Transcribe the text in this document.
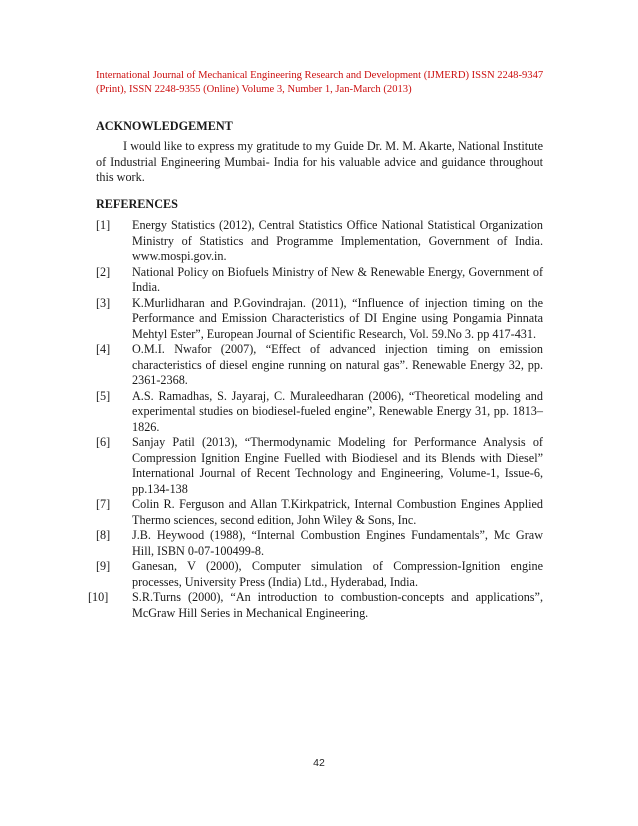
International Journal of Mechanical Engineering Research and Development (IJMERD) ISSN 2248-9347 (Print), ISSN 2248-9355 (Online) Volume 3, Number 1, Jan-March (2013)
ACKNOWLEDGEMENT
I would like to express my gratitude to my Guide Dr. M. M. Akarte, National Institute of Industrial Engineering Mumbai- India for his valuable advice and guidance throughout this work.
REFERENCES
[1]	Energy Statistics (2012), Central Statistics Office National Statistical Organization Ministry of Statistics and Programme Implementation, Government of India. www.mospi.gov.in.
[2]	National Policy on Biofuels Ministry of New & Renewable Energy, Government of India.
[3]	K.Murlidharan and P.Govindrajan. (2011), “Influence of injection timing on the Performance and Emission Characteristics of DI Engine using Pongamia Pinnata Mehtyl Ester”, European Journal of Scientific Research, Vol. 59.No 3. pp 417-431.
[4]	O.M.I. Nwafor (2007), “Effect of advanced injection timing on emission characteristics of diesel engine running on natural gas”. Renewable Energy 32, pp. 2361-2368.
[5]	A.S. Ramadhas, S. Jayaraj, C. Muraleedharan (2006), “Theoretical modeling and experimental studies on biodiesel-fueled engine”, Renewable Energy 31, pp. 1813–1826.
[6]	Sanjay Patil (2013), “Thermodynamic Modeling for Performance Analysis of Compression Ignition Engine Fuelled with Biodiesel and its Blends with Diesel” International Journal of Recent Technology and Engineering, Volume-1, Issue-6, pp.134-138
[7]	Colin R. Ferguson and Allan T.Kirkpatrick, Internal Combustion Engines Applied Thermo sciences, second edition, John Wiley & Sons, Inc.
[8]	J.B. Heywood (1988), “Internal Combustion Engines Fundamentals”, Mc Graw Hill, ISBN 0-07-100499-8.
[9]	Ganesan, V (2000), Computer simulation of Compression-Ignition engine processes, University Press (India) Ltd., Hyderabad, India.
[10]	S.R.Turns (2000), “An introduction to combustion-concepts and applications”, McGraw Hill Series in Mechanical Engineering.
42
